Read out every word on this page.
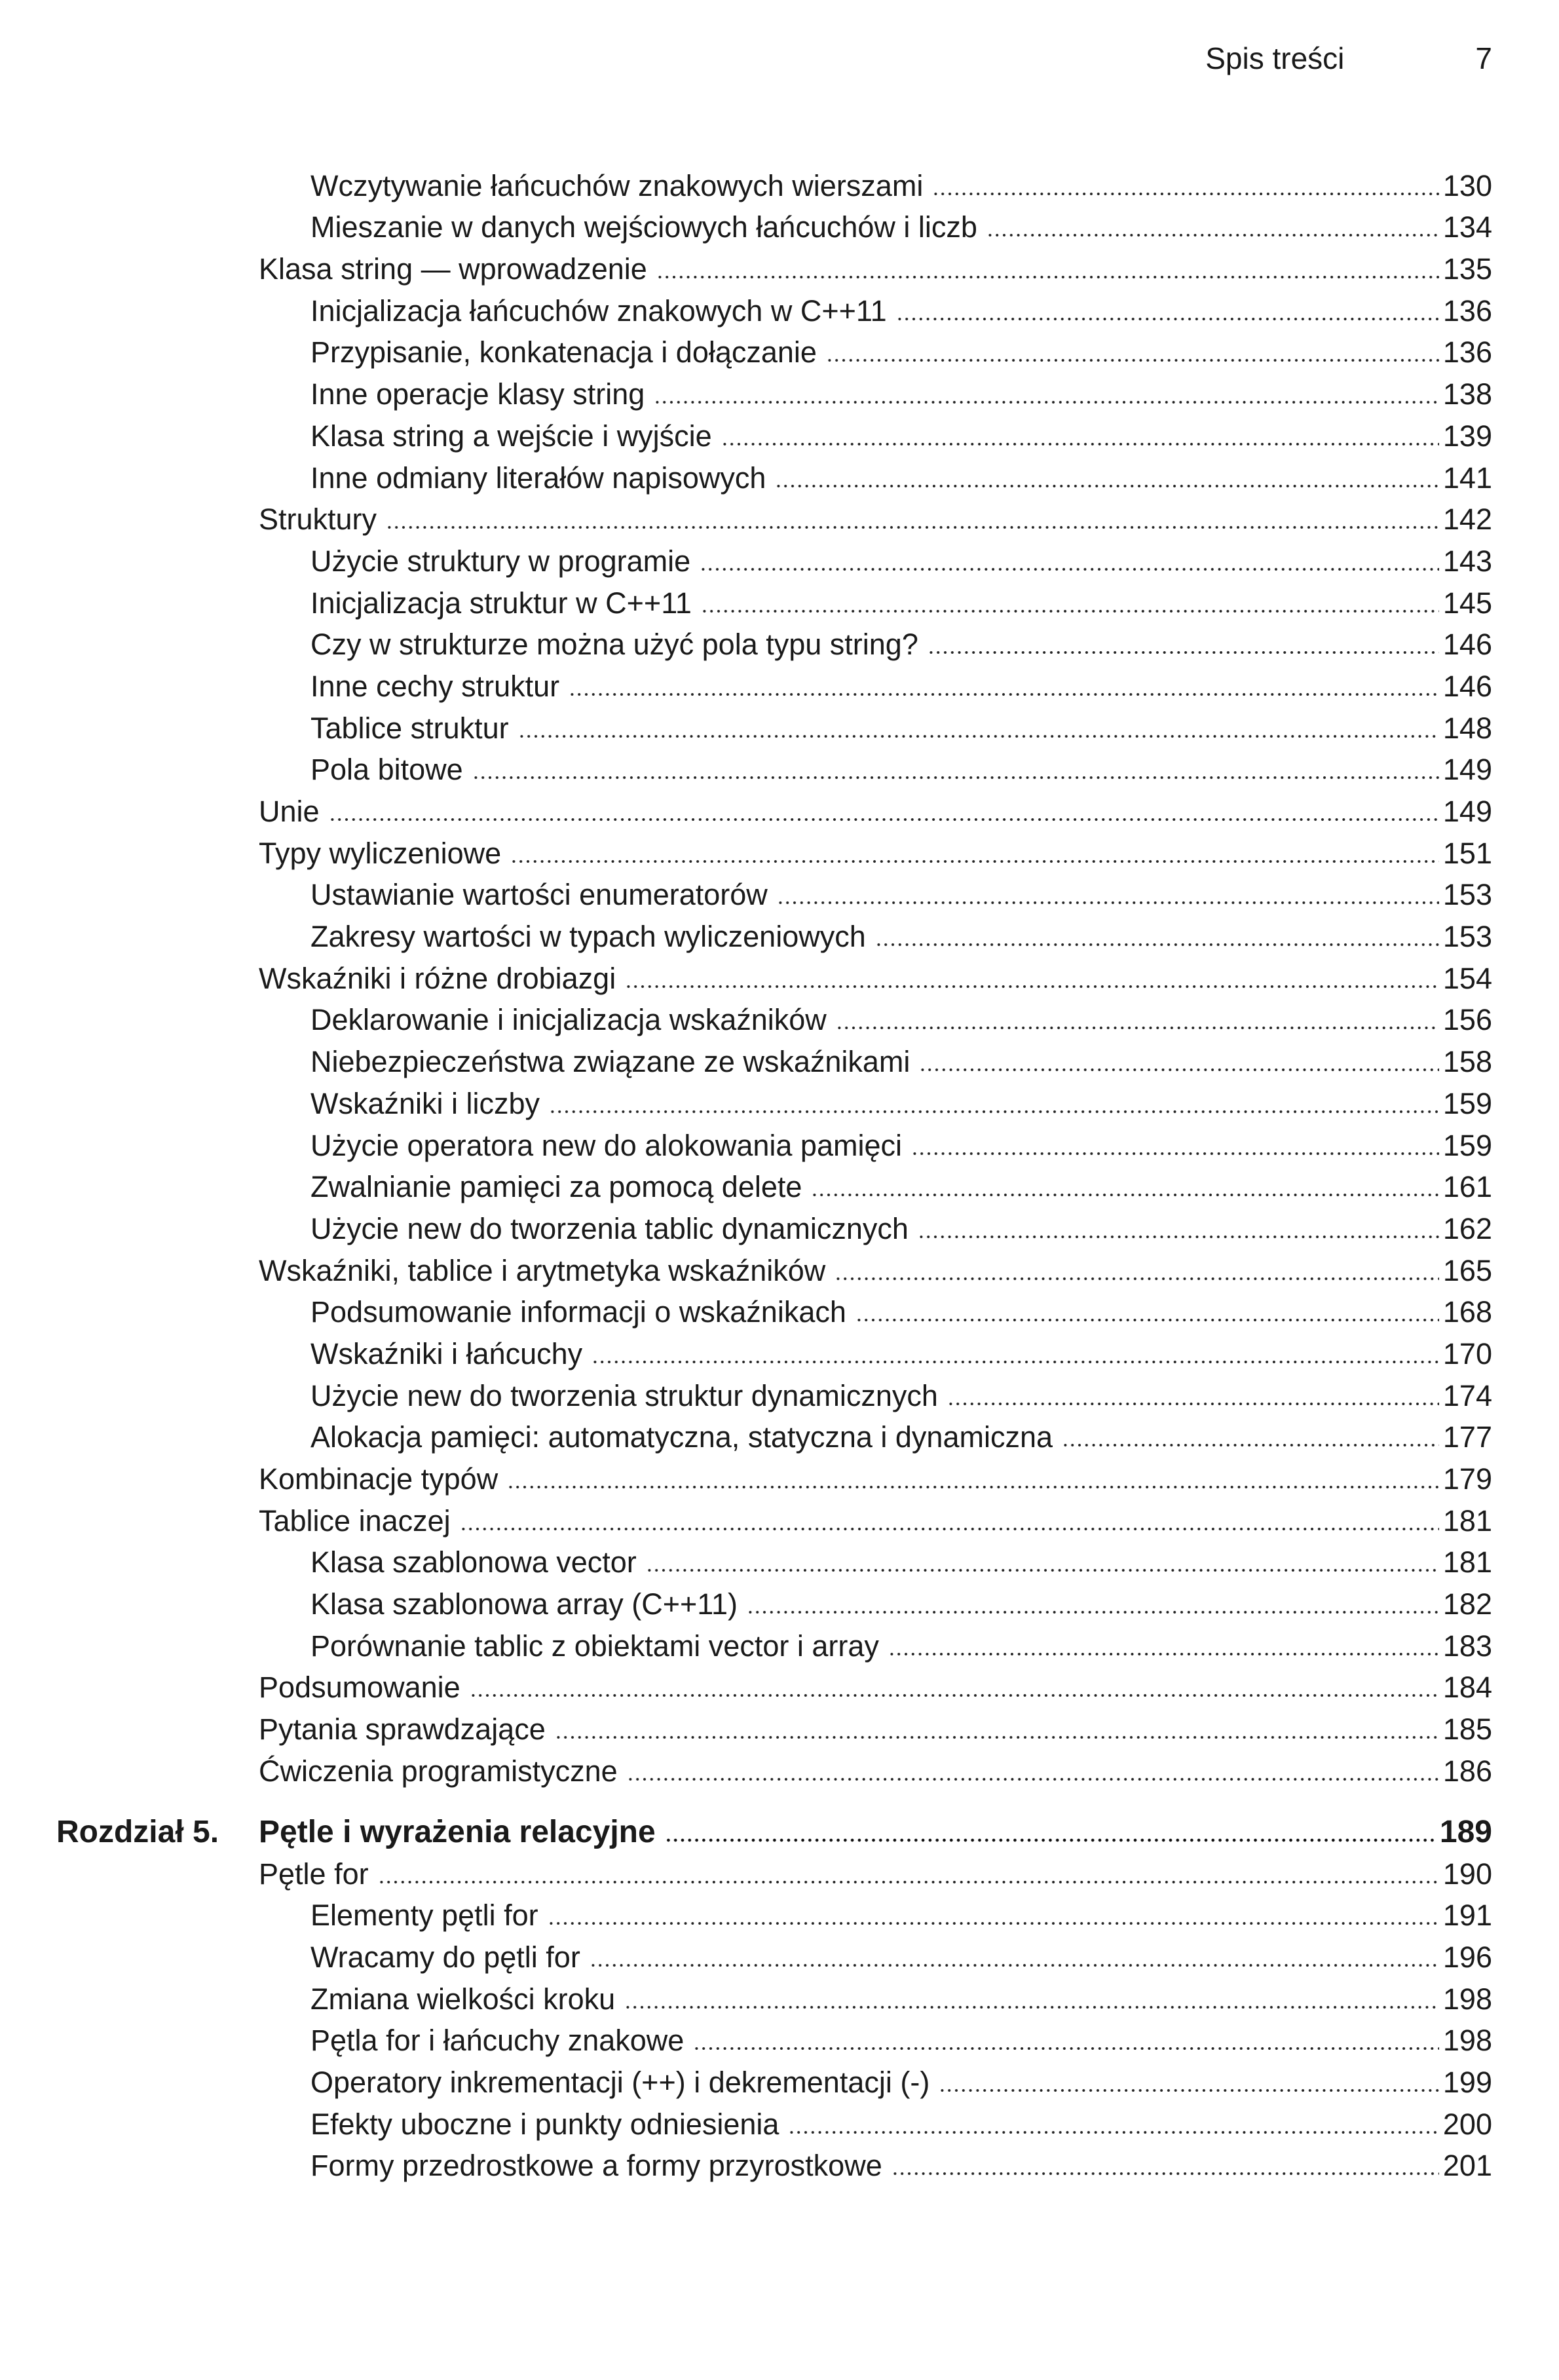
Spis treści	7
Wczytywanie łańcuchów znakowych wierszami	130
Mieszanie w danych wejściowych łańcuchów i liczb	134
Klasa string — wprowadzenie	135
Inicjalizacja łańcuchów znakowych w C++11	136
Przypisanie, konkatenacja i dołączanie	136
Inne operacje klasy string	138
Klasa string a wejście i wyjście	139
Inne odmiany literałów napisowych	141
Struktury	142
Użycie struktury w programie	143
Inicjalizacja struktur w C++11	145
Czy w strukturze można użyć pola typu string?	146
Inne cechy struktur	146
Tablice struktur	148
Pola bitowe	149
Unie	149
Typy wyliczeniowe	151
Ustawianie wartości enumeratorów	153
Zakresy wartości w typach wyliczeniowych	153
Wskaźniki i różne drobiazgi	154
Deklarowanie i inicjalizacja wskaźników	156
Niebezpieczeństwa związane ze wskaźnikami	158
Wskaźniki i liczby	159
Użycie operatora new do alokowania pamięci	159
Zwalnianie pamięci za pomocą delete	161
Użycie new do tworzenia tablic dynamicznych	162
Wskaźniki, tablice i arytmetyka wskaźników	165
Podsumowanie informacji o wskaźnikach	168
Wskaźniki i łańcuchy	170
Użycie new do tworzenia struktur dynamicznych	174
Alokacja pamięci: automatyczna, statyczna i dynamiczna	177
Kombinacje typów	179
Tablice inaczej	181
Klasa szablonowa vector	181
Klasa szablonowa array (C++11)	182
Porównanie tablic z obiektami vector i array	183
Podsumowanie	184
Pytania sprawdzające	185
Ćwiczenia programistyczne	186
Rozdział 5. Pętle i wyrażenia relacyjne	189
Pętle for	190
Elementy pętli for	191
Wracamy do pętli for	196
Zmiana wielkości kroku	198
Pętla for i łańcuchy znakowe	198
Operatory inkrementacji (++) i dekrementacji (-)	199
Efekty uboczne i punkty odniesienia	200
Formy przedrostkowe a formy przyrostkowe	201
